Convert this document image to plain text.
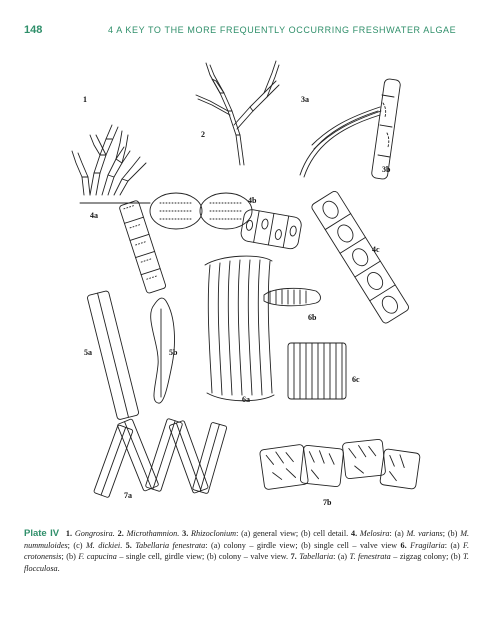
148	4 A KEY TO THE MORE FREQUENTLY OCCURRING FRESHWATER ALGAE
1
2
3a
3b
4a
4b
4c
5a	5b
6a
6b
6c
7a
7b
Plate IV 1. Gongrosira. 2. Microthamnion. 3. Rhizoclonium: (a) general view; (b) cell detail. 4. Melosira: (a) M. varians; (b) M. nummuloides; (c) M. dickiei. 5. Tabellaria fenestrata: (a) colony – girdle view; (b) single cell – valve view 6. Fragilaria: (a) F. crotonensis; (b) F. capucina – single cell, girdle view; (b) colony – valve view. 7. Tabellaria: (a) T. fenestrata – zigzag colony; (b) T. flocculosa.
